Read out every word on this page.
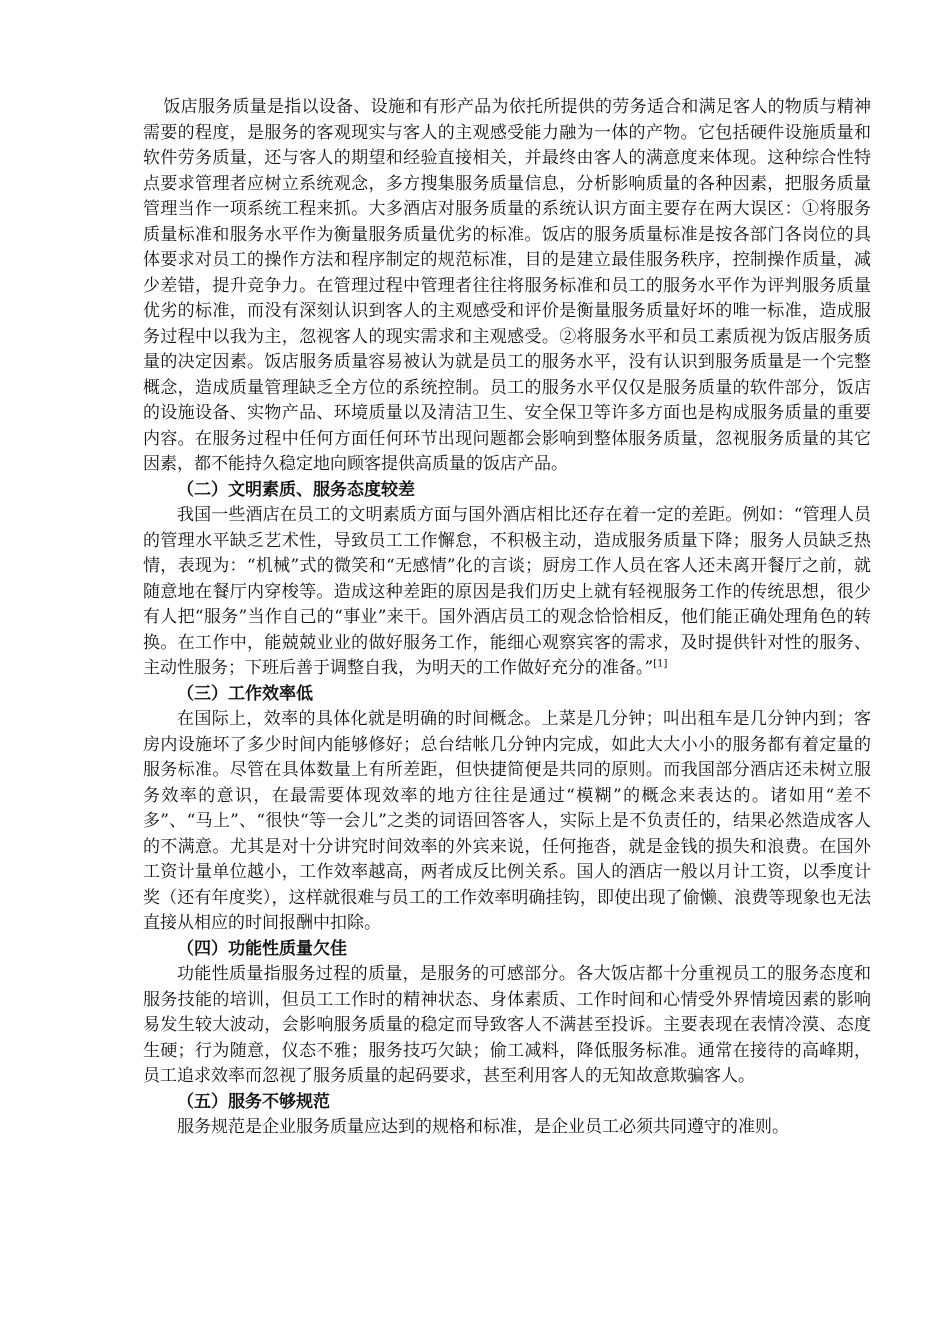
饭店服务质量是指以设备、设施和有形产品为依托所提供的劳务适合和满足客人的物质与精神需要的程度，是服务的客观现实与客人的主观感受能力融为一体的产物。它包括硬件设施质量和软件劳务质量，还与客人的期望和经验直接相关，并最终由客人的满意度来体现。这种综合性特点要求管理者应树立系统观念，多方搜集服务质量信息，分析影响质量的各种因素，把服务质量管理当作一项系统工程来抓。大多酒店对服务质量的系统认识方面主要存在两大误区：①将服务质量标准和服务水平作为衡量服务质量优劣的标准。饭店的服务质量标准是按各部门各岗位的具体要求对员工的操作方法和程序制定的规范标准，目的是建立最佳服务秩序，控制操作质量，减少差错，提升竞争力。在管理过程中管理者往往将服务标准和员工的服务水平作为评判服务质量优劣的标准，而没有深刻认识到客人的主观感受和评价是衡量服务质量好坏的唯一标准，造成服务过程中以我为主，忽视客人的现实需求和主观感受。②将服务水平和员工素质视为饭店服务质量的决定因素。饭店服务质量容易被认为就是员工的服务水平，没有认识到服务质量是一个完整概念，造成质量管理缺乏全方位的系统控制。员工的服务水平仅仅是服务质量的软件部分，饭店的设施设备、实物产品、环境质量以及清洁卫生、安全保卫等许多方面也是构成服务质量的重要内容。在服务过程中任何方面任何环节出现问题都会影响到整体服务质量，忽视服务质量的其它因素，都不能持久稳定地向顾客提供高质量的饭店产品。

（二）文明素质、服务态度较差

我国一些酒店在员工的文明素质方面与国外酒店相比还存在着一定的差距。例如：“管理人员的管理水平缺乏艺术性，导致员工工作懈怠，不积极主动，造成服务质量下降；服务人员缺乏热情，表现为：“机械”式的微笑和“无感情”化的言谈；厨房工作人员在客人还未离开餐厅之前，就随意地在餐厅内穿梭等。造成这种差距的原因是我们历史上就有轻视服务工作的传统思想，很少有人把“服务”当作自己的“事业”来干。国外酒店员工的观念恰恰相反，他们能正确处理角色的转换。在工作中，能兢兢业业的做好服务工作，能细心观察宾客的需求，及时提供针对性的服务、主动性服务；下班后善于调整自我，为明天的工作做好充分的准备。”[1]

（三）工作效率低

在国际上，效率的具体化就是明确的时间概念。上菜是几分钟；叫出租车是几分钟内到；客房内设施坏了多少时间内能够修好；总台结帐几分钟内完成，如此大大小小的服务都有着定量的服务标准。尽管在具体数量上有所差距，但快捷简便是共同的原则。而我国部分酒店还未树立服务效率的意识，在最需要体现效率的地方往往是通过“模糊”的概念来表达的。诸如用“差不多”、“马上”、“很快“等一会儿”之类的词语回答客人，实际上是不负责任的，结果必然造成客人的不满意。尤其是对十分讲究时间效率的外宾来说，任何拖沓，就是金钱的损失和浪费。在国外工资计量单位越小，工作效率越高，两者成反比例关系。国人的酒店一般以月计工资，以季度计奖（还有年度奖），这样就很难与员工的工作效率明确挂钩，即使出现了偷懒、浪费等现象也无法直接从相应的时间报酬中扣除。

（四）功能性质量欠佳

功能性质量指服务过程的质量，是服务的可感部分。各大饭店都十分重视员工的服务态度和服务技能的培训，但员工工作时的精神状态、身体素质、工作时间和心情受外界情境因素的影响易发生较大波动，会影响服务质量的稳定而导致客人不满甚至投诉。主要表现在表情冷漠、态度生硬；行为随意，仪态不雅；服务技巧欠缺；偷工减料，降低服务标准。通常在接待的高峰期，员工追求效率而忽视了服务质量的起码要求，甚至利用客人的无知故意欺骗客人。

（五）服务不够规范

服务规范是企业服务质量应达到的规格和标准，是企业员工必须共同遵守的准则。
